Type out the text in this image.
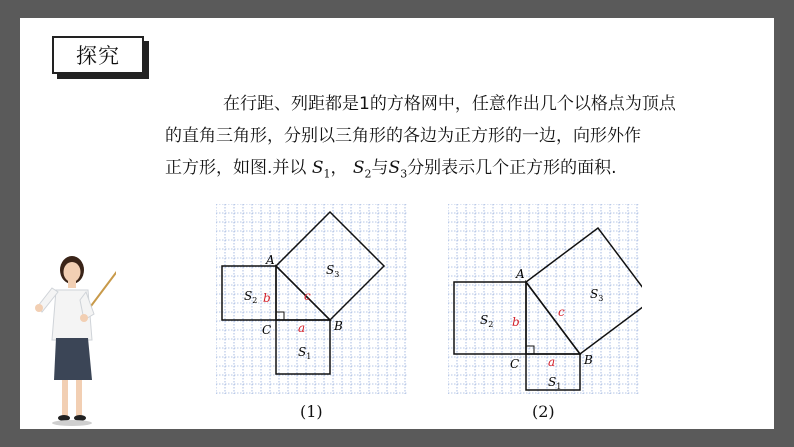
探究
在行距、列距都是1的方格网中，任意作出几个以格点为顶点
的直角三角形，分别以三角形的各边为正方形的一边，向形外作
正方形，如图.并以 $S_1$， $S_2$与$S_3$分别表示几个正方形的面积.
A
C	B
a
b	c
$S_1$
$S_2$
$S_3$
(1)
A
C	B
a
b
c
$S_1$
$S_2$
$S_3$
(2)
